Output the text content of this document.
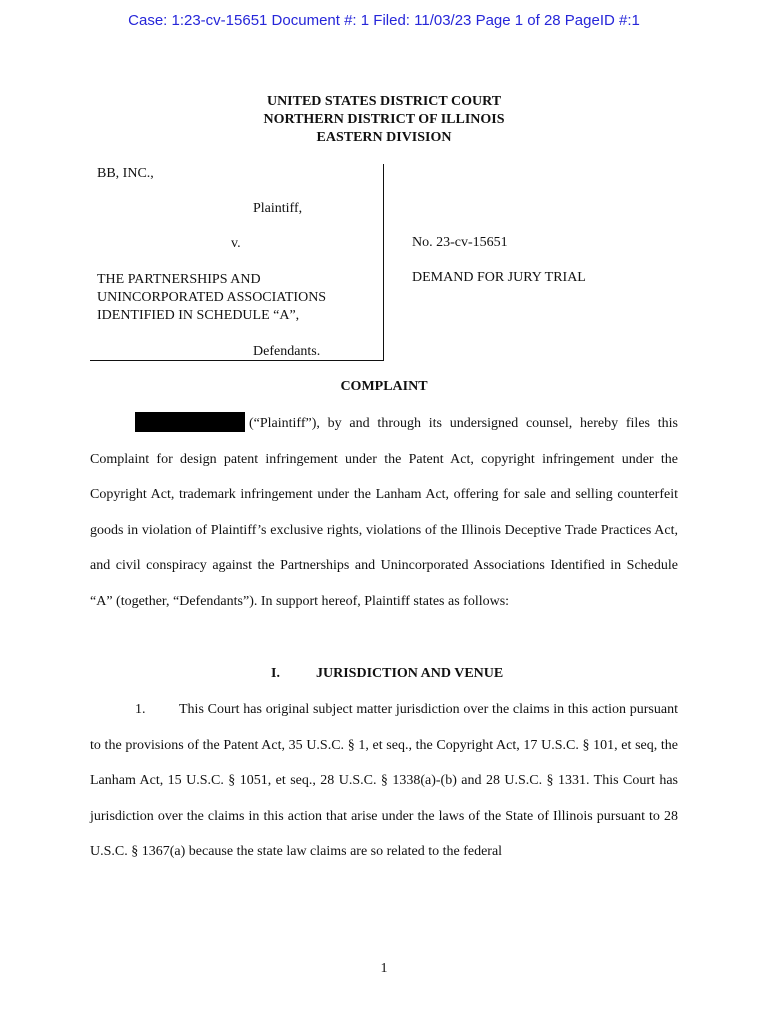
Case: 1:23-cv-15651 Document #: 1 Filed: 11/03/23 Page 1 of 28 PageID #:1
UNITED STATES DISTRICT COURT
NORTHERN DISTRICT OF ILLINOIS
EASTERN DIVISION
BB, INC.,
Plaintiff,
v.
THE PARTNERSHIPS AND
UNINCORPORATED ASSOCIATIONS
IDENTIFIED IN SCHEDULE “A”,
Defendants.
No. 23-cv-15651
DEMAND FOR JURY TRIAL
COMPLAINT
(“Plaintiff”), by and through its undersigned counsel, hereby files this Complaint for design patent infringement under the Patent Act, copyright infringement under the Copyright Act, trademark infringement under the Lanham Act, offering for sale and selling counterfeit goods in violation of Plaintiff’s exclusive rights, violations of the Illinois Deceptive Trade Practices Act, and civil conspiracy against the Partnerships and Unincorporated Associations Identified in Schedule “A” (together, “Defendants”). In support hereof, Plaintiff states as follows:
I.	JURISDICTION AND VENUE
1. This Court has original subject matter jurisdiction over the claims in this action pursuant to the provisions of the Patent Act, 35 U.S.C. § 1, et seq., the Copyright Act, 17 U.S.C. § 101, et seq, the Lanham Act, 15 U.S.C. § 1051, et seq., 28 U.S.C. § 1338(a)-(b) and 28 U.S.C. § 1331. This Court has jurisdiction over the claims in this action that arise under the laws of the State of Illinois pursuant to 28 U.S.C. § 1367(a) because the state law claims are so related to the federal
1
